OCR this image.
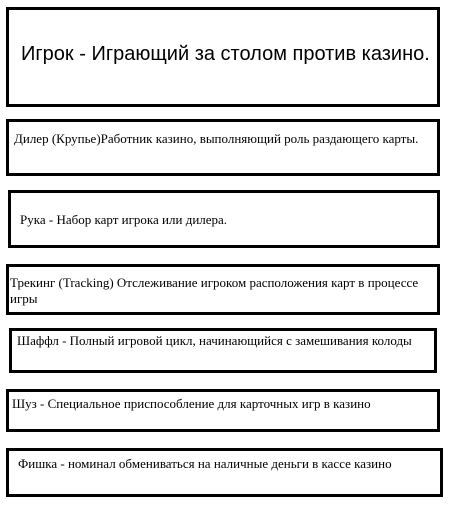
Игрок - Играющий за столом против казино.

Дилер (Крупье)Работник казино, выполняющий роль раздающего карты.

Рука - Набор карт игрока или дилера.

Трекинг (Tracking) Отслеживание игроком расположения карт в процессе игры

Шаффл - Полный игровой цикл, начинающийся с замешивания колоды

Шуз - Специальное приспособление для карточных игр в казино

Фишка - номинал обмениваться на наличные деньги в кассе казино
